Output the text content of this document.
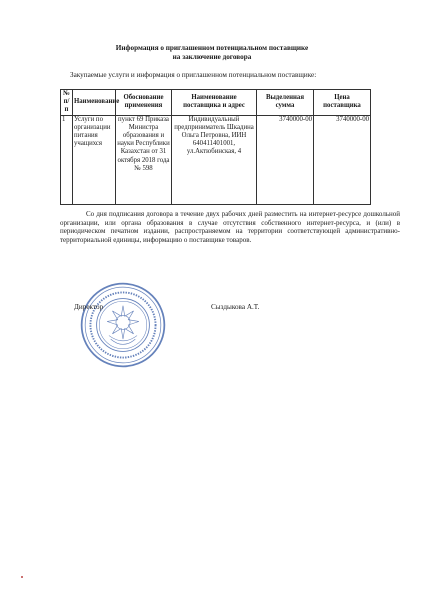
Информация о приглашенном потенциальном поставщике
на заключение договора
Закупаемые услуги и информация о приглашенном потенциальном поставщике:
№ п/п	Наименование	Обоснование применения	Наименование поставщика и адрес	Выделенная сумма	Цена поставщика
1	Услуги по организации питания учащихся	пункт 69 Приказа Министра образования и науки Республики Казахстан от 31 октября 2018 года № 598	Индивидуальный предприниматель Шкадина Ольга Петровна, ИИН 640411401001, ул.Актюбинская, 4	3740000-00	3740000-00
Со дня подписания договора в течение двух рабочих дней разместить на интернет-ресурсе дошкольной организации, или органа образования в случае отсутствия собственного интернет-ресурса, и (или) в периодическом печатном издании, распространяемом на территории соответствующей административно-территориальной единицы, информацию о поставщике товаров.
Директор	Сыздыкова А.Т.
